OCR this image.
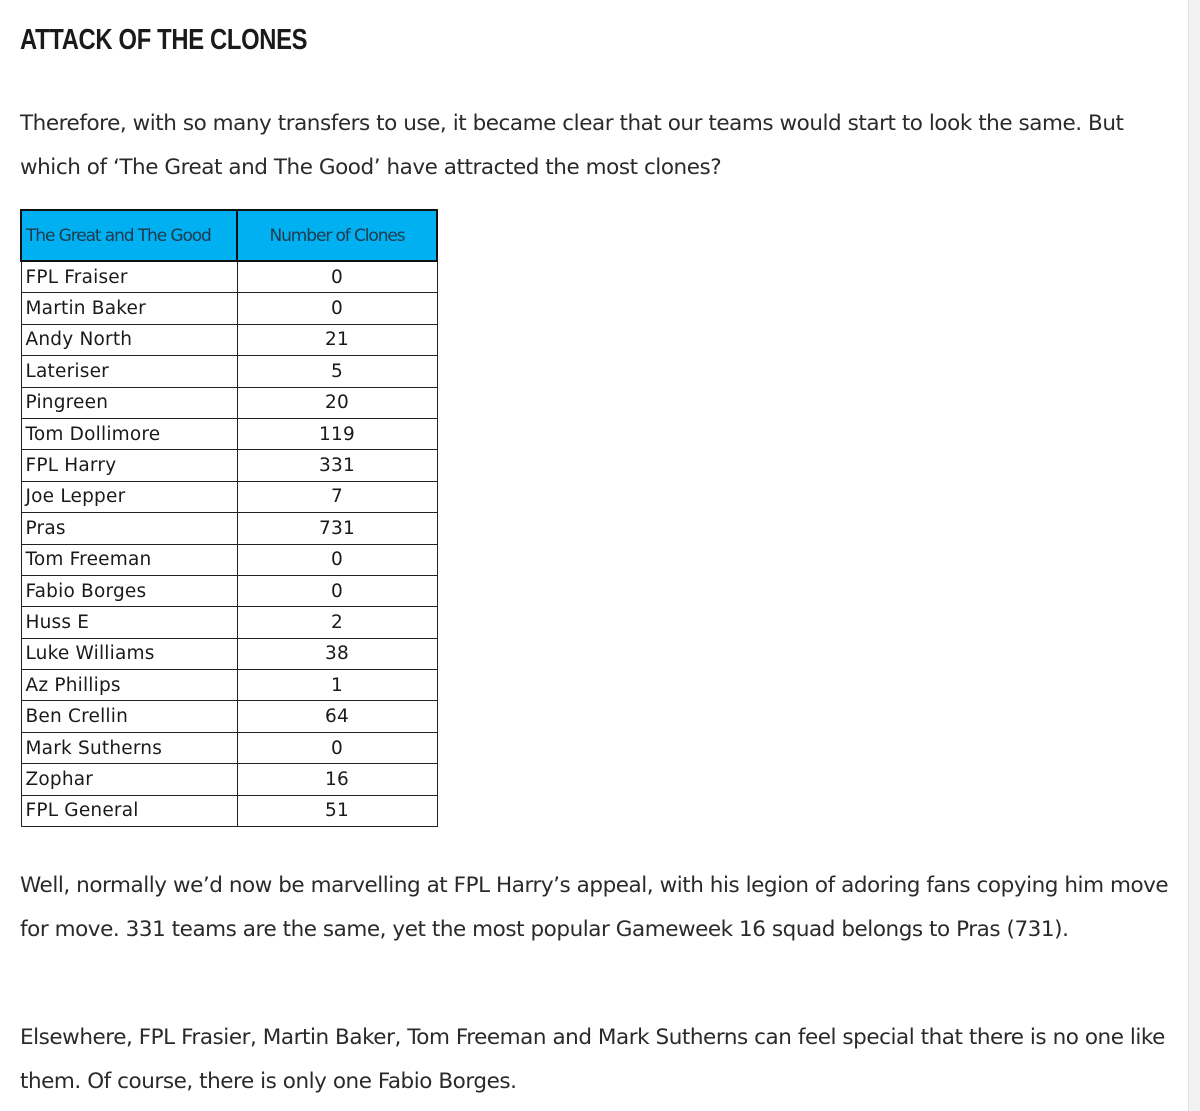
ATTACK OF THE CLONES

Therefore, with so many transfers to use, it became clear that our teams would start to look the same. But which of ‘The Great and The Good’ have attracted the most clones?

The Great and The Good	Number of Clones
FPL Fraiser	0
Martin Baker	0
Andy North	21
Lateriser	5
Pingreen	20
Tom Dollimore	119
FPL Harry	331
Joe Lepper	7
Pras	731
Tom Freeman	0
Fabio Borges	0
Huss E	2
Luke Williams	38
Az Phillips	1
Ben Crellin	64
Mark Sutherns	0
Zophar	16
FPL General	51

Well, normally we’d now be marvelling at FPL Harry’s appeal, with his legion of adoring fans copying him move for move. 331 teams are the same, yet the most popular Gameweek 16 squad belongs to Pras (731).

Elsewhere, FPL Frasier, Martin Baker, Tom Freeman and Mark Sutherns can feel special that there is no one like them. Of course, there is only one Fabio Borges.
